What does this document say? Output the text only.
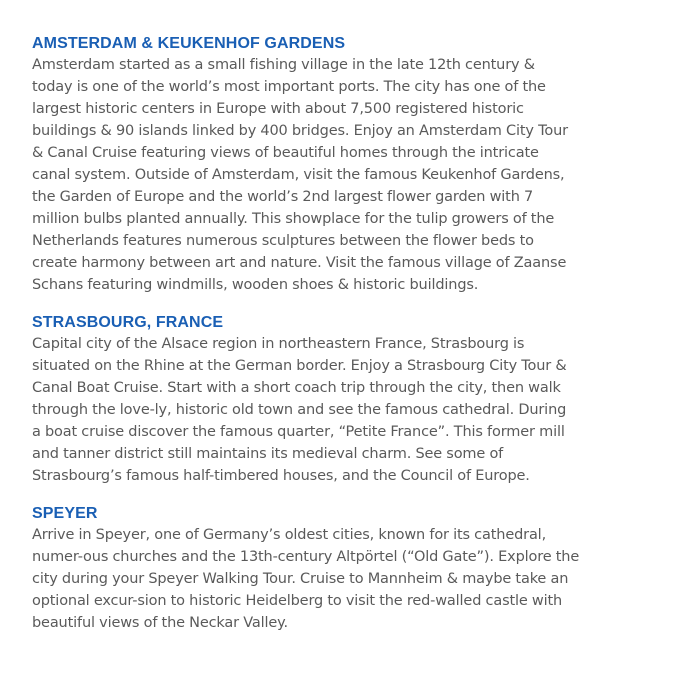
AMSTERDAM & KEUKENHOF GARDENS

Amsterdam started as a small fishing village in the late 12th century &
today is one of the world’s most important ports. The city has one of the
largest historic centers in Europe with about 7,500 registered historic
buildings & 90 islands linked by 400 bridges. Enjoy an Amsterdam City Tour
& Canal Cruise featuring views of beautiful homes through the intricate
canal system. Outside of Amsterdam, visit the famous Keukenhof Gardens,
the Garden of Europe and the world’s 2nd largest flower garden with 7
million bulbs planted annually. This showplace for the tulip growers of the
Netherlands features numerous sculptures between the flower beds to
create harmony between art and nature. Visit the famous village of Zaanse
Schans featuring windmills, wooden shoes & historic buildings.

STRASBOURG, FRANCE

Capital city of the Alsace region in northeastern France, Strasbourg is
situated on the Rhine at the German border. Enjoy a Strasbourg City Tour &
Canal Boat Cruise. Start with a short coach trip through the city, then walk
through the love-ly, historic old town and see the famous cathedral. During
a boat cruise discover the famous quarter, “Petite France”. This former mill
and tanner district still maintains its medieval charm. See some of
Strasbourg’s famous half-timbered houses, and the Council of Europe.

SPEYER

Arrive in Speyer, one of Germany’s oldest cities, known for its cathedral,
numer-ous churches and the 13th-century Altpörtel (“Old Gate”). Explore the
city during your Speyer Walking Tour. Cruise to Mannheim & maybe take an
optional excur-sion to historic Heidelberg to visit the red-walled castle with
beautiful views of the Neckar Valley.
